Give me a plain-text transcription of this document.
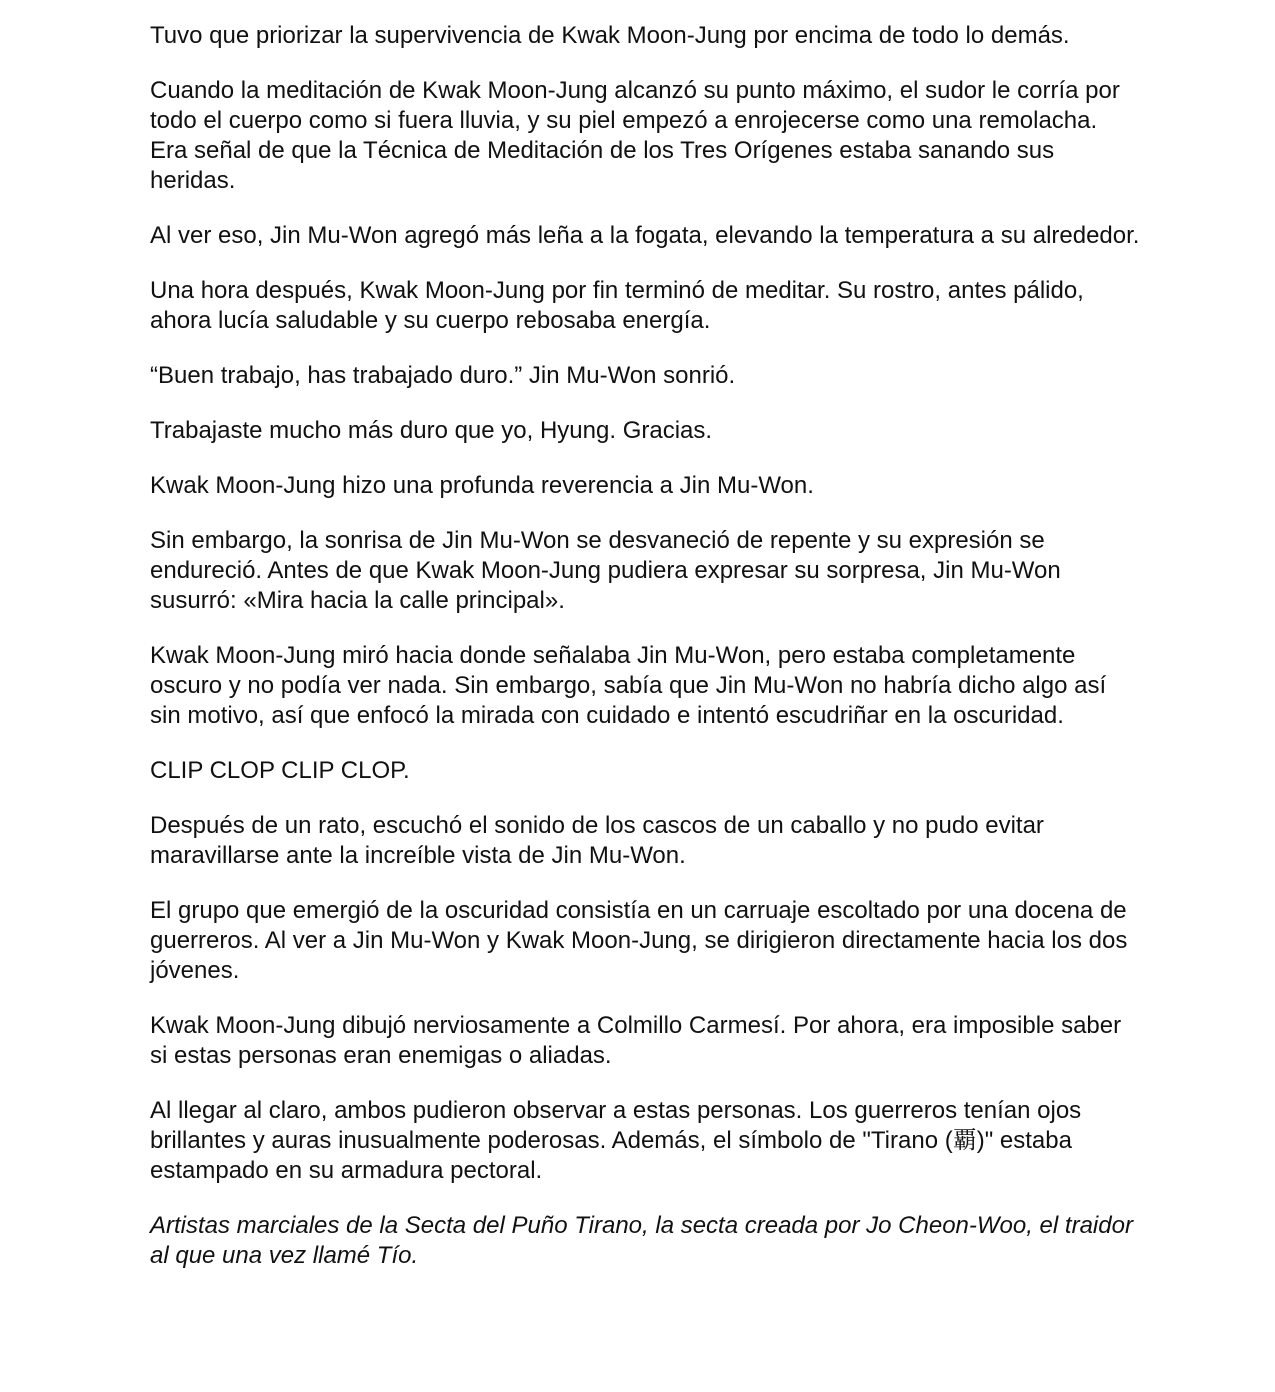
Tuvo que priorizar la supervivencia de Kwak Moon-Jung por encima de todo lo demás.

Cuando la meditación de Kwak Moon-Jung alcanzó su punto máximo, el sudor le corría por todo el cuerpo como si fuera lluvia, y su piel empezó a enrojecerse como una remolacha. Era señal de que la Técnica de Meditación de los Tres Orígenes estaba sanando sus heridas.

Al ver eso, Jin Mu-Won agregó más leña a la fogata, elevando la temperatura a su alrededor.

Una hora después, Kwak Moon-Jung por fin terminó de meditar. Su rostro, antes pálido, ahora lucía saludable y su cuerpo rebosaba energía.

“Buen trabajo, has trabajado duro.” Jin Mu-Won sonrió.

Trabajaste mucho más duro que yo, Hyung. Gracias.

Kwak Moon-Jung hizo una profunda reverencia a Jin Mu-Won.

Sin embargo, la sonrisa de Jin Mu-Won se desvaneció de repente y su expresión se endureció. Antes de que Kwak Moon-Jung pudiera expresar su sorpresa, Jin Mu-Won susurró: «Mira hacia la calle principal».

Kwak Moon-Jung miró hacia donde señalaba Jin Mu-Won, pero estaba completamente oscuro y no podía ver nada. Sin embargo, sabía que Jin Mu-Won no habría dicho algo así sin motivo, así que enfocó la mirada con cuidado e intentó escudriñar en la oscuridad.

CLIP CLOP CLIP CLOP.

Después de un rato, escuchó el sonido de los cascos de un caballo y no pudo evitar maravillarse ante la increíble vista de Jin Mu-Won.

El grupo que emergió de la oscuridad consistía en un carruaje escoltado por una docena de guerreros. Al ver a Jin Mu-Won y Kwak Moon-Jung, se dirigieron directamente hacia los dos jóvenes.

Kwak Moon-Jung dibujó nerviosamente a Colmillo Carmesí. Por ahora, era imposible saber si estas personas eran enemigas o aliadas.

Al llegar al claro, ambos pudieron observar a estas personas. Los guerreros tenían ojos brillantes y auras inusualmente poderosas. Además, el símbolo de "Tirano (覇)" estaba estampado en su armadura pectoral.

Artistas marciales de la Secta del Puño Tirano, la secta creada por Jo Cheon-Woo, el traidor al que una vez llamé Tío.
